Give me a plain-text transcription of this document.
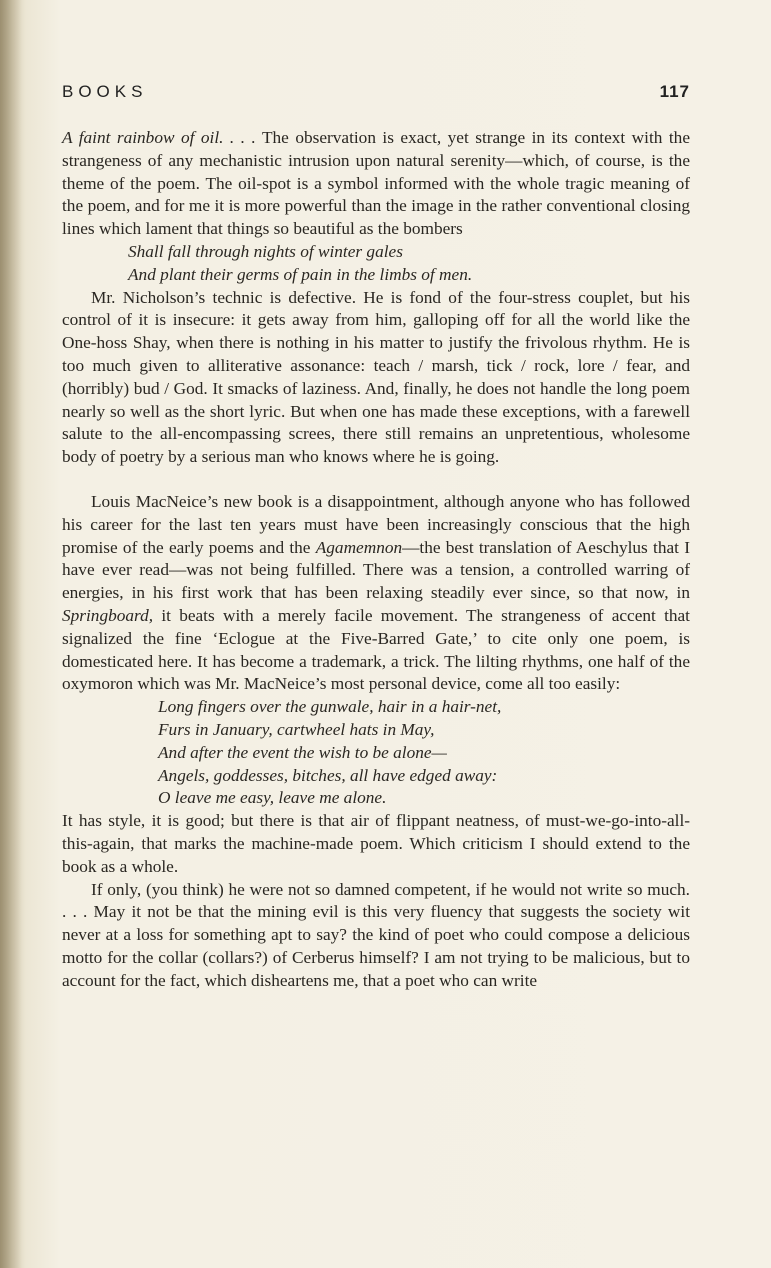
BOOKS	117

A faint rainbow of oil. . . . The observation is exact, yet strange in its context with the strangeness of any mechanistic intrusion upon natural serenity—which, of course, is the theme of the poem. The oil-spot is a symbol informed with the whole tragic meaning of the poem, and for me it is more powerful than the image in the rather conventional closing lines which lament that things so beautiful as the bombers

Shall fall through nights of winter gales
And plant their germs of pain in the limbs of men.

Mr. Nicholson’s technic is defective. He is fond of the four-stress couplet, but his control of it is insecure: it gets away from him, galloping off for all the world like the One-hoss Shay, when there is nothing in his matter to justify the frivolous rhythm. He is too much given to alliterative assonance: teach / marsh, tick / rock, lore / fear, and (horribly) bud / God. It smacks of laziness. And, finally, he does not handle the long poem nearly so well as the short lyric. But when one has made these exceptions, with a farewell salute to the all-encompassing screes, there still remains an unpretentious, wholesome body of poetry by a serious man who knows where he is going.

Louis MacNeice’s new book is a disappointment, although anyone who has followed his career for the last ten years must have been increasingly conscious that the high promise of the early poems and the Agamemnon—the best translation of Aeschylus that I have ever read—was not being fulfilled. There was a tension, a controlled warring of energies, in his first work that has been relaxing steadily ever since, so that now, in Springboard, it beats with a merely facile movement. The strangeness of accent that signalized the fine ‘Eclogue at the Five-Barred Gate,’ to cite only one poem, is domesticated here. It has become a trademark, a trick. The lilting rhythms, one half of the oxymoron which was Mr. MacNeice’s most personal device, come all too easily:

Long fingers over the gunwale, hair in a hair-net,
Furs in January, cartwheel hats in May,
And after the event the wish to be alone—
Angels, goddesses, bitches, all have edged away:
O leave me easy, leave me alone.

It has style, it is good; but there is that air of flippant neatness, of must-we-go-into-all-this-again, that marks the machine-made poem. Which criticism I should extend to the book as a whole.

If only, (you think) he were not so damned competent, if he would not write so much. . . . May it not be that the mining evil is this very fluency that suggests the society wit never at a loss for something apt to say? the kind of poet who could compose a delicious motto for the collar (collars?) of Cerberus himself? I am not trying to be malicious, but to account for the fact, which disheartens me, that a poet who can write
